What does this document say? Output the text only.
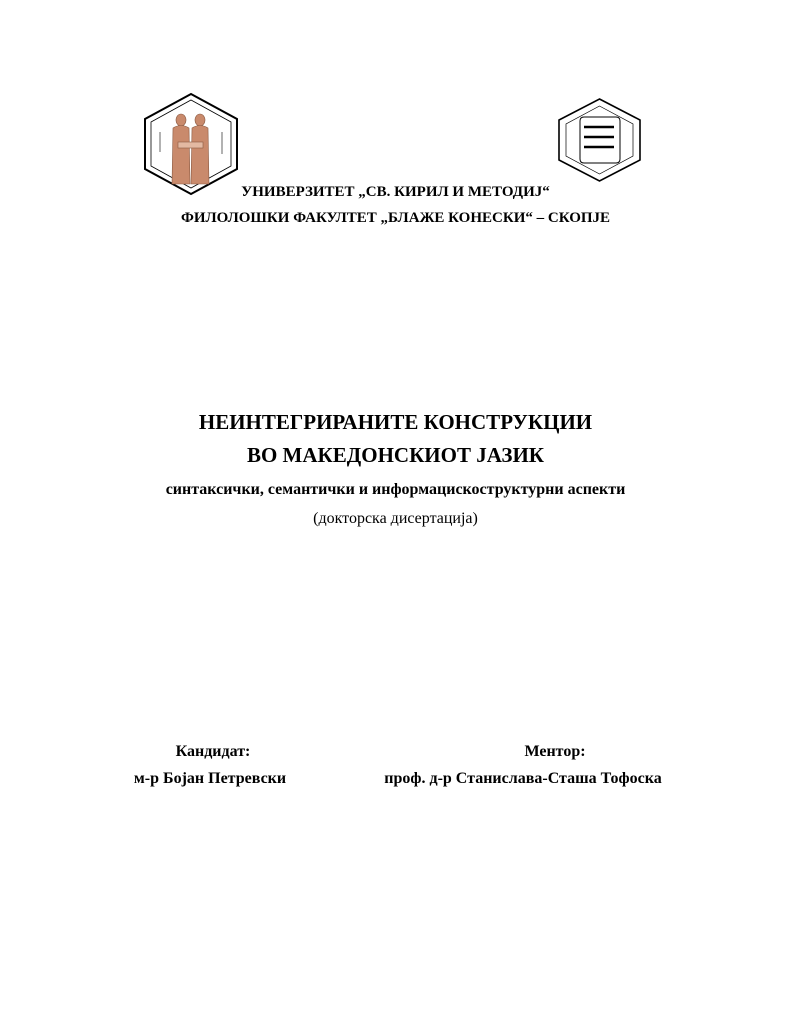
УНИВЕРЗИТЕТ „СВ. КИРИЛ И МЕТОДИЈ“
ФИЛОЛОШКИ ФАКУЛТЕТ „БЛАЖЕ КОНЕСКИ“ – СКОПЈЕ
НЕИНТЕГРИРАНИТЕ КОНСТРУКЦИИ
ВО МАКЕДОНСКИОТ ЈАЗИК
синтаксички, семантички и информацискоструктурни аспекти
(докторска дисертација)
Кандидат:
м-р Бојан Петревски
Ментор:
проф. д-р Станислава-Сташа Тофоска
